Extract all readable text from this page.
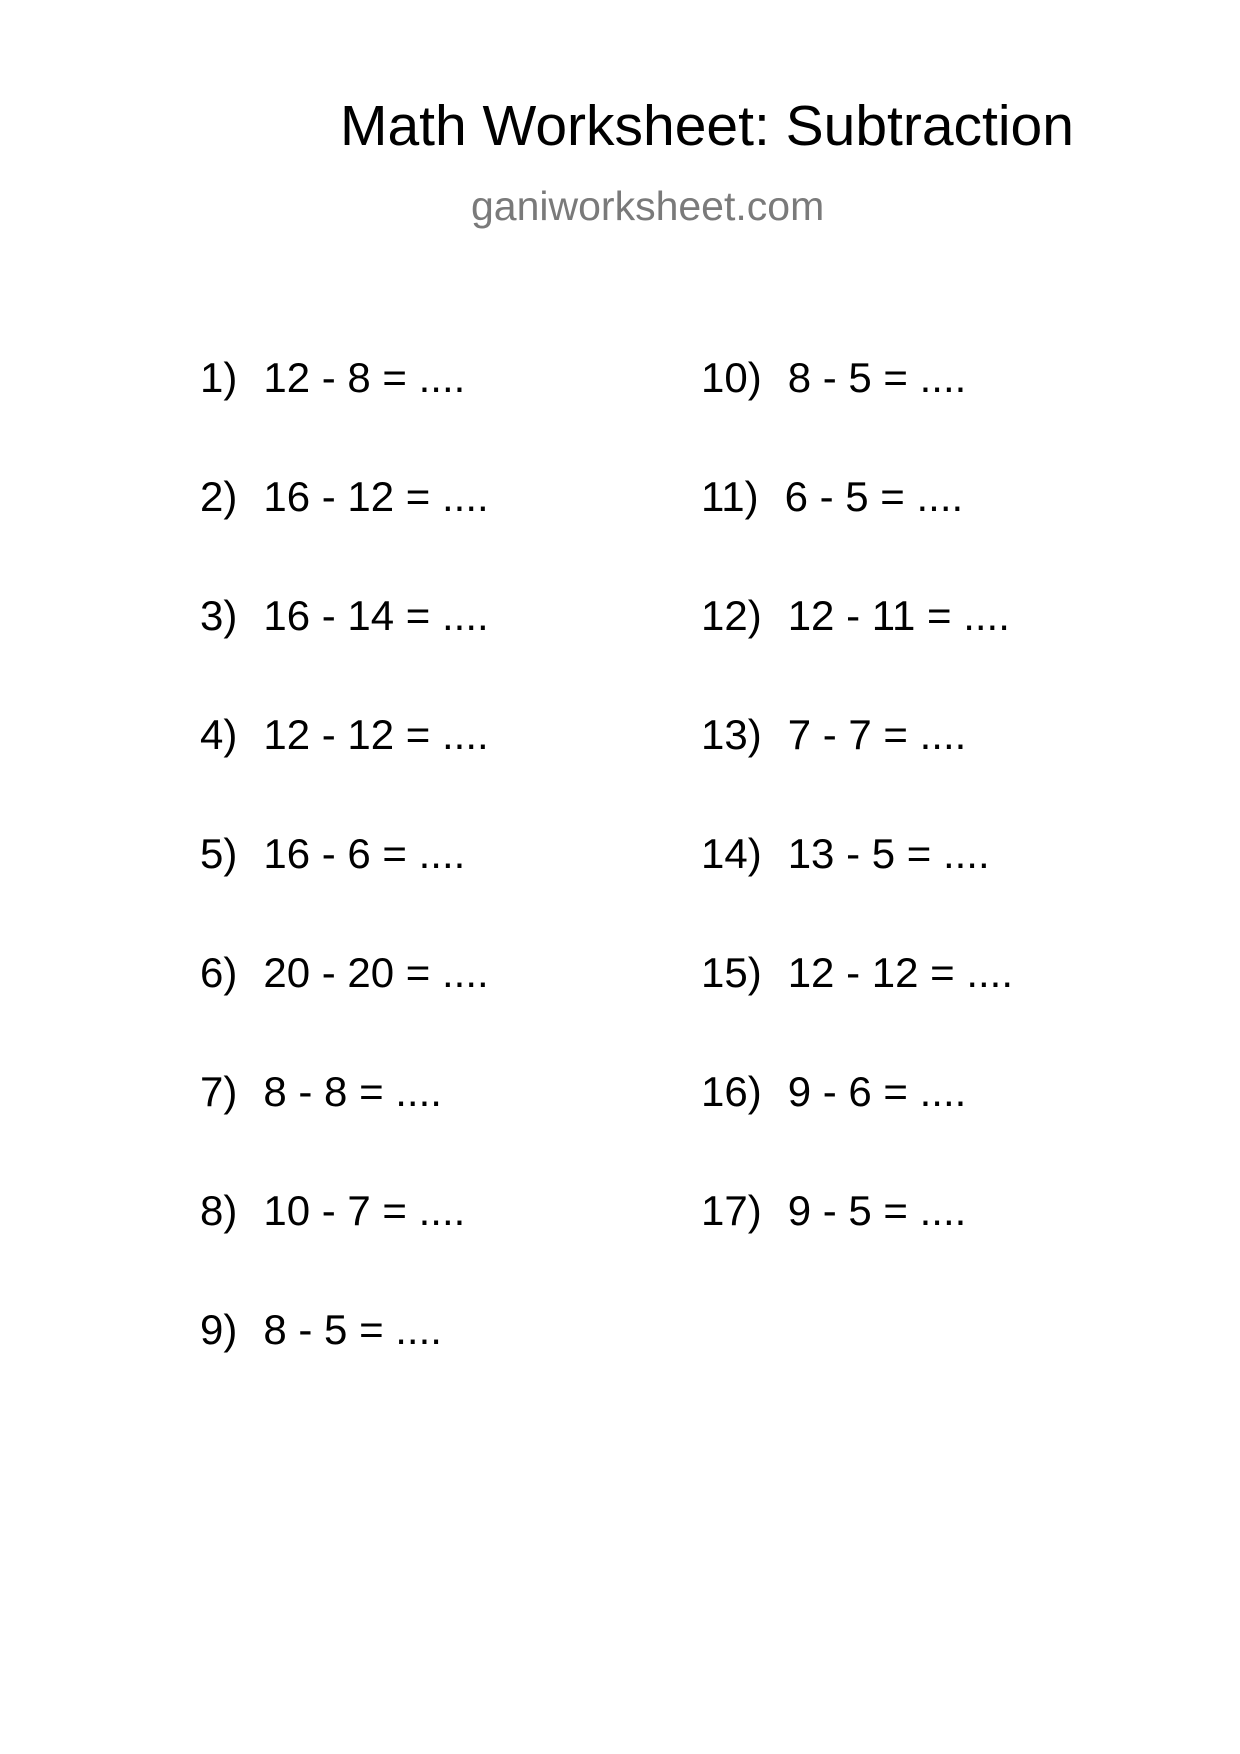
Math Worksheet: Subtraction
ganiworksheet.com
1) 12 - 8 = ....
2) 16 - 12 = ....
3) 16 - 14 = ....
4) 12 - 12 = ....
5) 16 - 6 = ....
6) 20 - 20 = ....
7) 8 - 8 = ....
8) 10 - 7 = ....
9) 8 - 5 = ....
10) 8 - 5 = ....
11) 6 - 5 = ....
12) 12 - 11 = ....
13) 7 - 7 = ....
14) 13 - 5 = ....
15) 12 - 12 = ....
16) 9 - 6 = ....
17) 9 - 5 = ....
